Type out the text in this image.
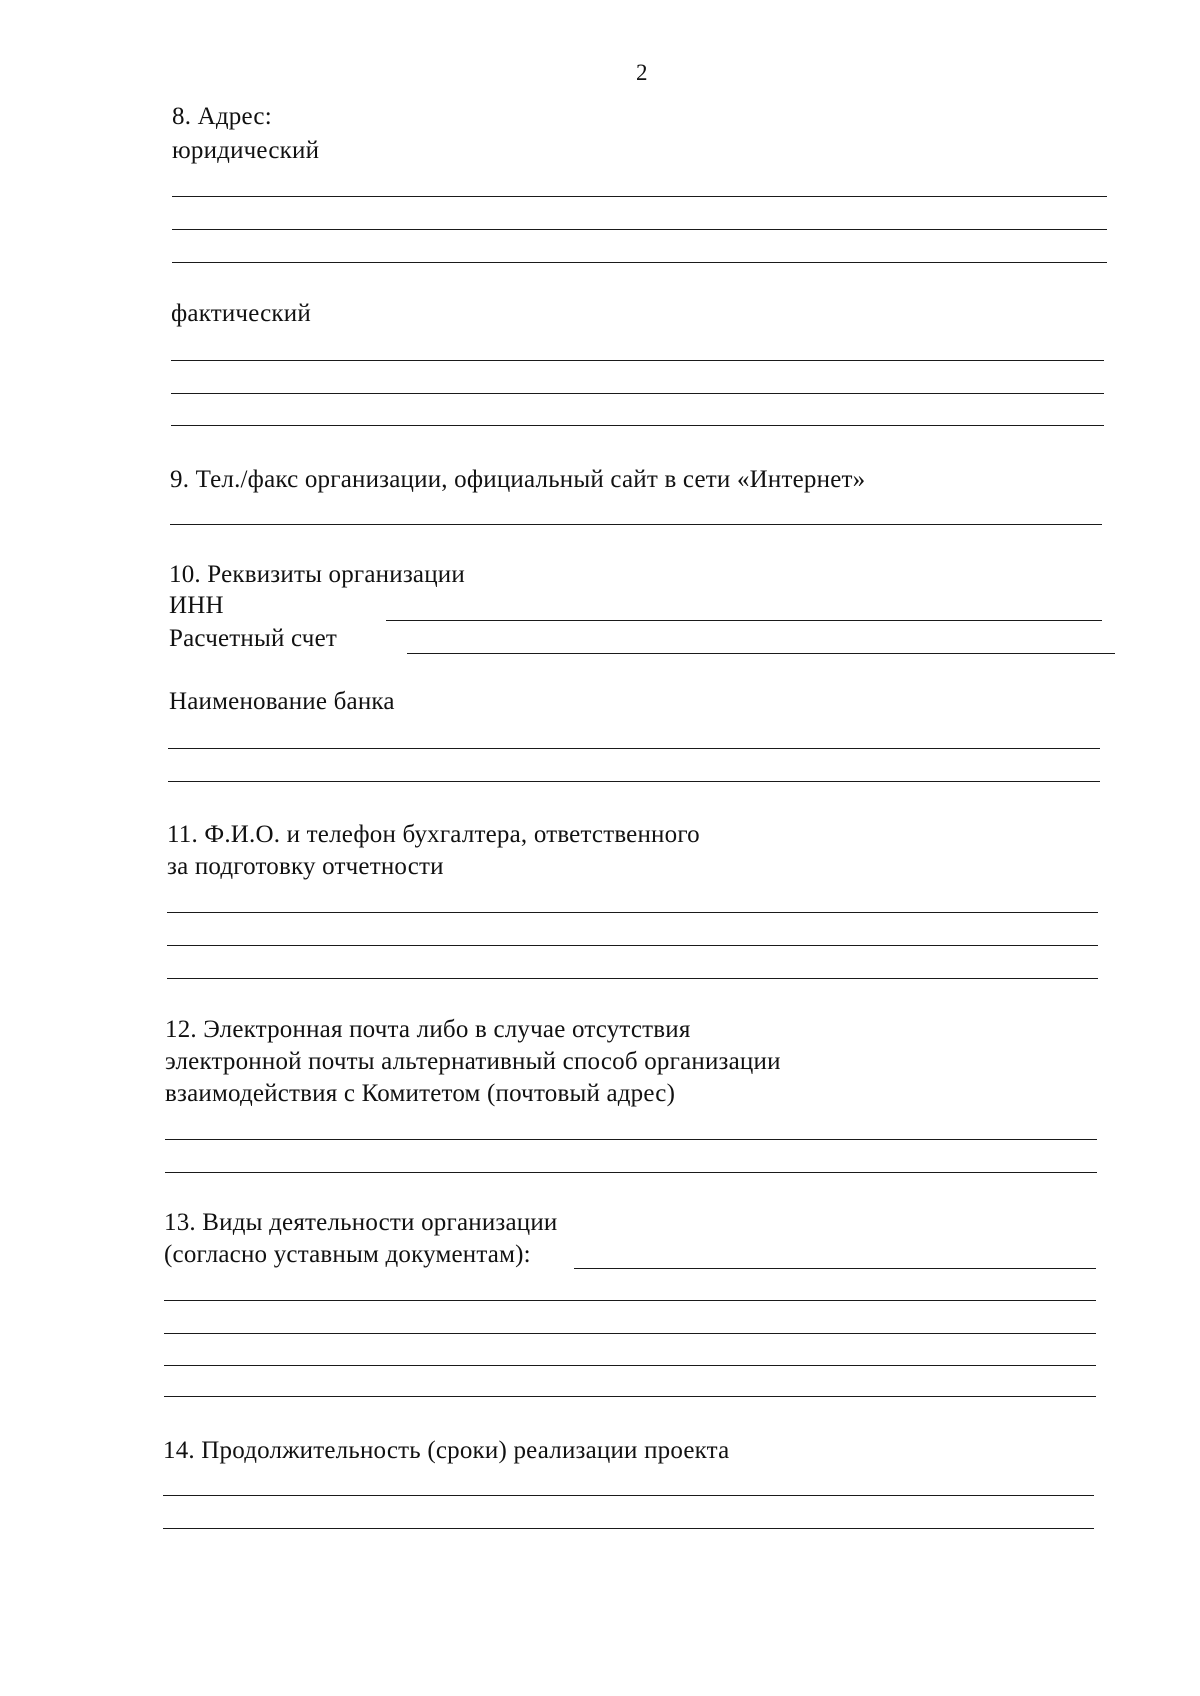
2
8. Адрес:
юридический
фактический
9. Тел./факс организации, официальный сайт в сети «Интернет»
10. Реквизиты организации
ИНН
Расчетный счет
Наименование банка
11. Ф.И.О. и телефон бухгалтера, ответственного
за подготовку отчетности
12. Электронная почта либо в случае отсутствия
электронной почты альтернативный способ организации
взаимодействия с Комитетом (почтовый адрес)
13. Виды деятельности организации
(согласно уставным документам):
14. Продолжительность (сроки) реализации проекта
